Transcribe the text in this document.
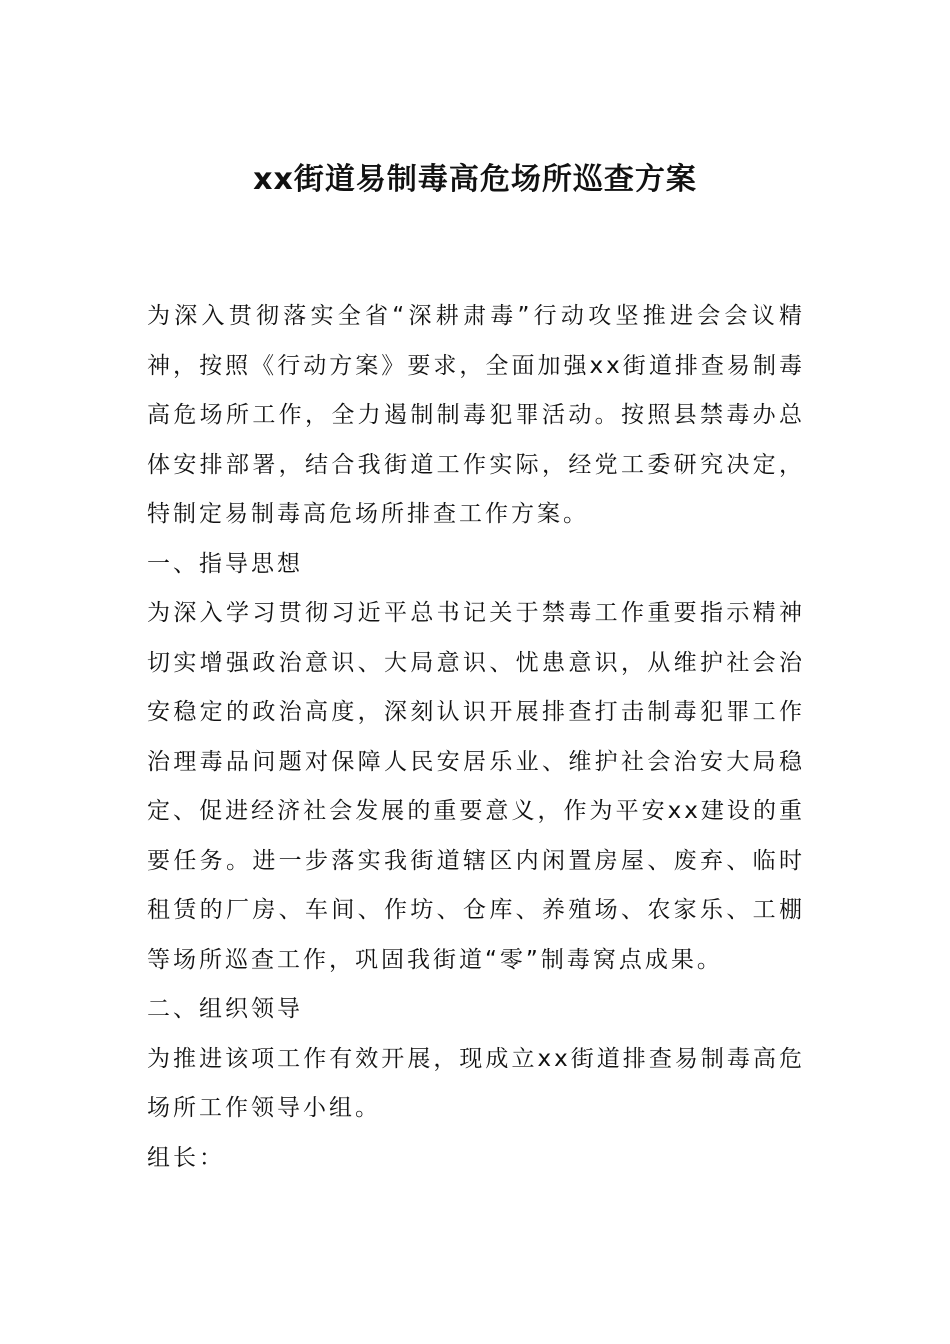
xx街道易制毒高危场所巡查方案

为深入贯彻落实全省“深耕肃毒”行动攻坚推进会会议精神，按照《行动方案》要求，全面加强xx街道排查易制毒高危场所工作，全力遏制制毒犯罪活动。按照县禁毒办总体安排部署，结合我街道工作实际，经党工委研究决定，特制定易制毒高危场所排查工作方案。

一、指导思想

为深入学习贯彻习近平总书记关于禁毒工作重要指示精神切实增强政治意识、大局意识、忧患意识，从维护社会治安稳定的政治高度，深刻认识开展排查打击制毒犯罪工作治理毒品问题对保障人民安居乐业、维护社会治安大局稳定、促进经济社会发展的重要意义，作为平安xx建设的重要任务。进一步落实我街道辖区内闲置房屋、废弃、临时租赁的厂房、车间、作坊、仓库、养殖场、农家乐、工棚等场所巡查工作，巩固我街道“零”制毒窝点成果。

二、组织领导

为推进该项工作有效开展，现成立xx街道排查易制毒高危场所工作领导小组。

组长：
